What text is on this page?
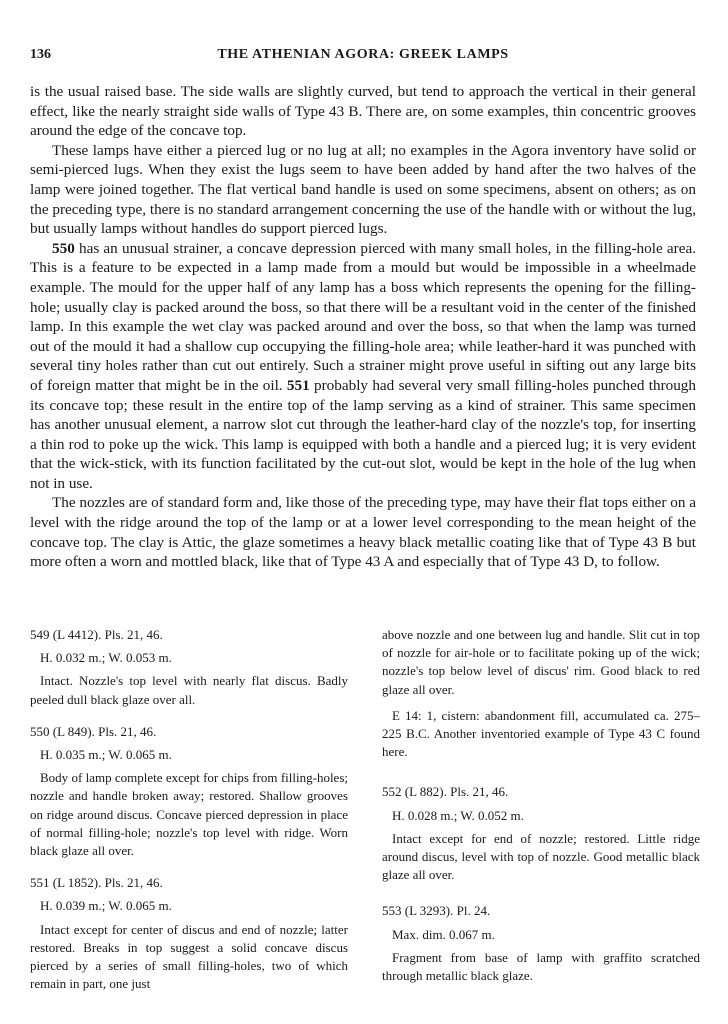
136	THE ATHENIAN AGORA: GREEK LAMPS

is the usual raised base. The side walls are slightly curved, but tend to approach the vertical in their general effect, like the nearly straight side walls of Type 43 B. There are, on some examples, thin concentric grooves around the edge of the concave top.

These lamps have either a pierced lug or no lug at all; no examples in the Agora inventory have solid or semi-pierced lugs. When they exist the lugs seem to have been added by hand after the two halves of the lamp were joined together. The flat vertical band handle is used on some specimens, absent on others; as on the preceding type, there is no standard arrangement concerning the use of the handle with or without the lug, but usually lamps without handles do support pierced lugs.

550 has an unusual strainer, a concave depression pierced with many small holes, in the filling-hole area. This is a feature to be expected in a lamp made from a mould but would be impossible in a wheelmade example. The mould for the upper half of any lamp has a boss which represents the opening for the filling-hole; usually clay is packed around the boss, so that there will be a resultant void in the center of the finished lamp. In this example the wet clay was packed around and over the boss, so that when the lamp was turned out of the mould it had a shallow cup occupying the filling-hole area; while leather-hard it was punched with several tiny holes rather than cut out entirely. Such a strainer might prove useful in sifting out any large bits of foreign matter that might be in the oil. 551 probably had several very small filling-holes punched through its concave top; these result in the entire top of the lamp serving as a kind of strainer. This same specimen has another unusual element, a narrow slot cut through the leather-hard clay of the nozzle's top, for inserting a thin rod to poke up the wick. This lamp is equipped with both a handle and a pierced lug; it is very evident that the wick-stick, with its function facilitated by the cut-out slot, would be kept in the hole of the lug when not in use.

The nozzles are of standard form and, like those of the preceding type, may have their flat tops either on a level with the ridge around the top of the lamp or at a lower level corresponding to the mean height of the concave top. The clay is Attic, the glaze sometimes a heavy black metallic coating like that of Type 43 B but more often a worn and mottled black, like that of Type 43 A and especially that of Type 43 D, to follow.

549 (L 4412). Pls. 21, 46.
H. 0.032 m.; W. 0.053 m.

Intact. Nozzle's top level with nearly flat discus. Badly peeled dull black glaze over all.

550 (L 849). Pls. 21, 46.
H. 0.035 m.; W. 0.065 m.

Body of lamp complete except for chips from filling-holes; nozzle and handle broken away; restored. Shallow grooves on ridge around discus. Concave pierced depression in place of normal filling-hole; nozzle's top level with ridge. Worn black glaze all over.

551 (L 1852). Pls. 21, 46.
H. 0.039 m.; W. 0.065 m.

Intact except for center of discus and end of nozzle; latter restored. Breaks in top suggest a solid concave discus pierced by a series of small filling-holes, two of which remain in part, one just

above nozzle and one between lug and handle. Slit cut in top of nozzle for air-hole or to facilitate poking up of the wick; nozzle's top below level of discus' rim. Good black to red glaze all over.

E 14: 1, cistern: abandonment fill, accumulated ca. 275–225 B.C. Another inventoried example of Type 43 C found here.

552 (L 882). Pls. 21, 46.
H. 0.028 m.; W. 0.052 m.

Intact except for end of nozzle; restored. Little ridge around discus, level with top of nozzle. Good metallic black glaze all over.

553 (L 3293). Pl. 24.
Max. dim. 0.067 m.

Fragment from base of lamp with graffito scratched through metallic black glaze.
